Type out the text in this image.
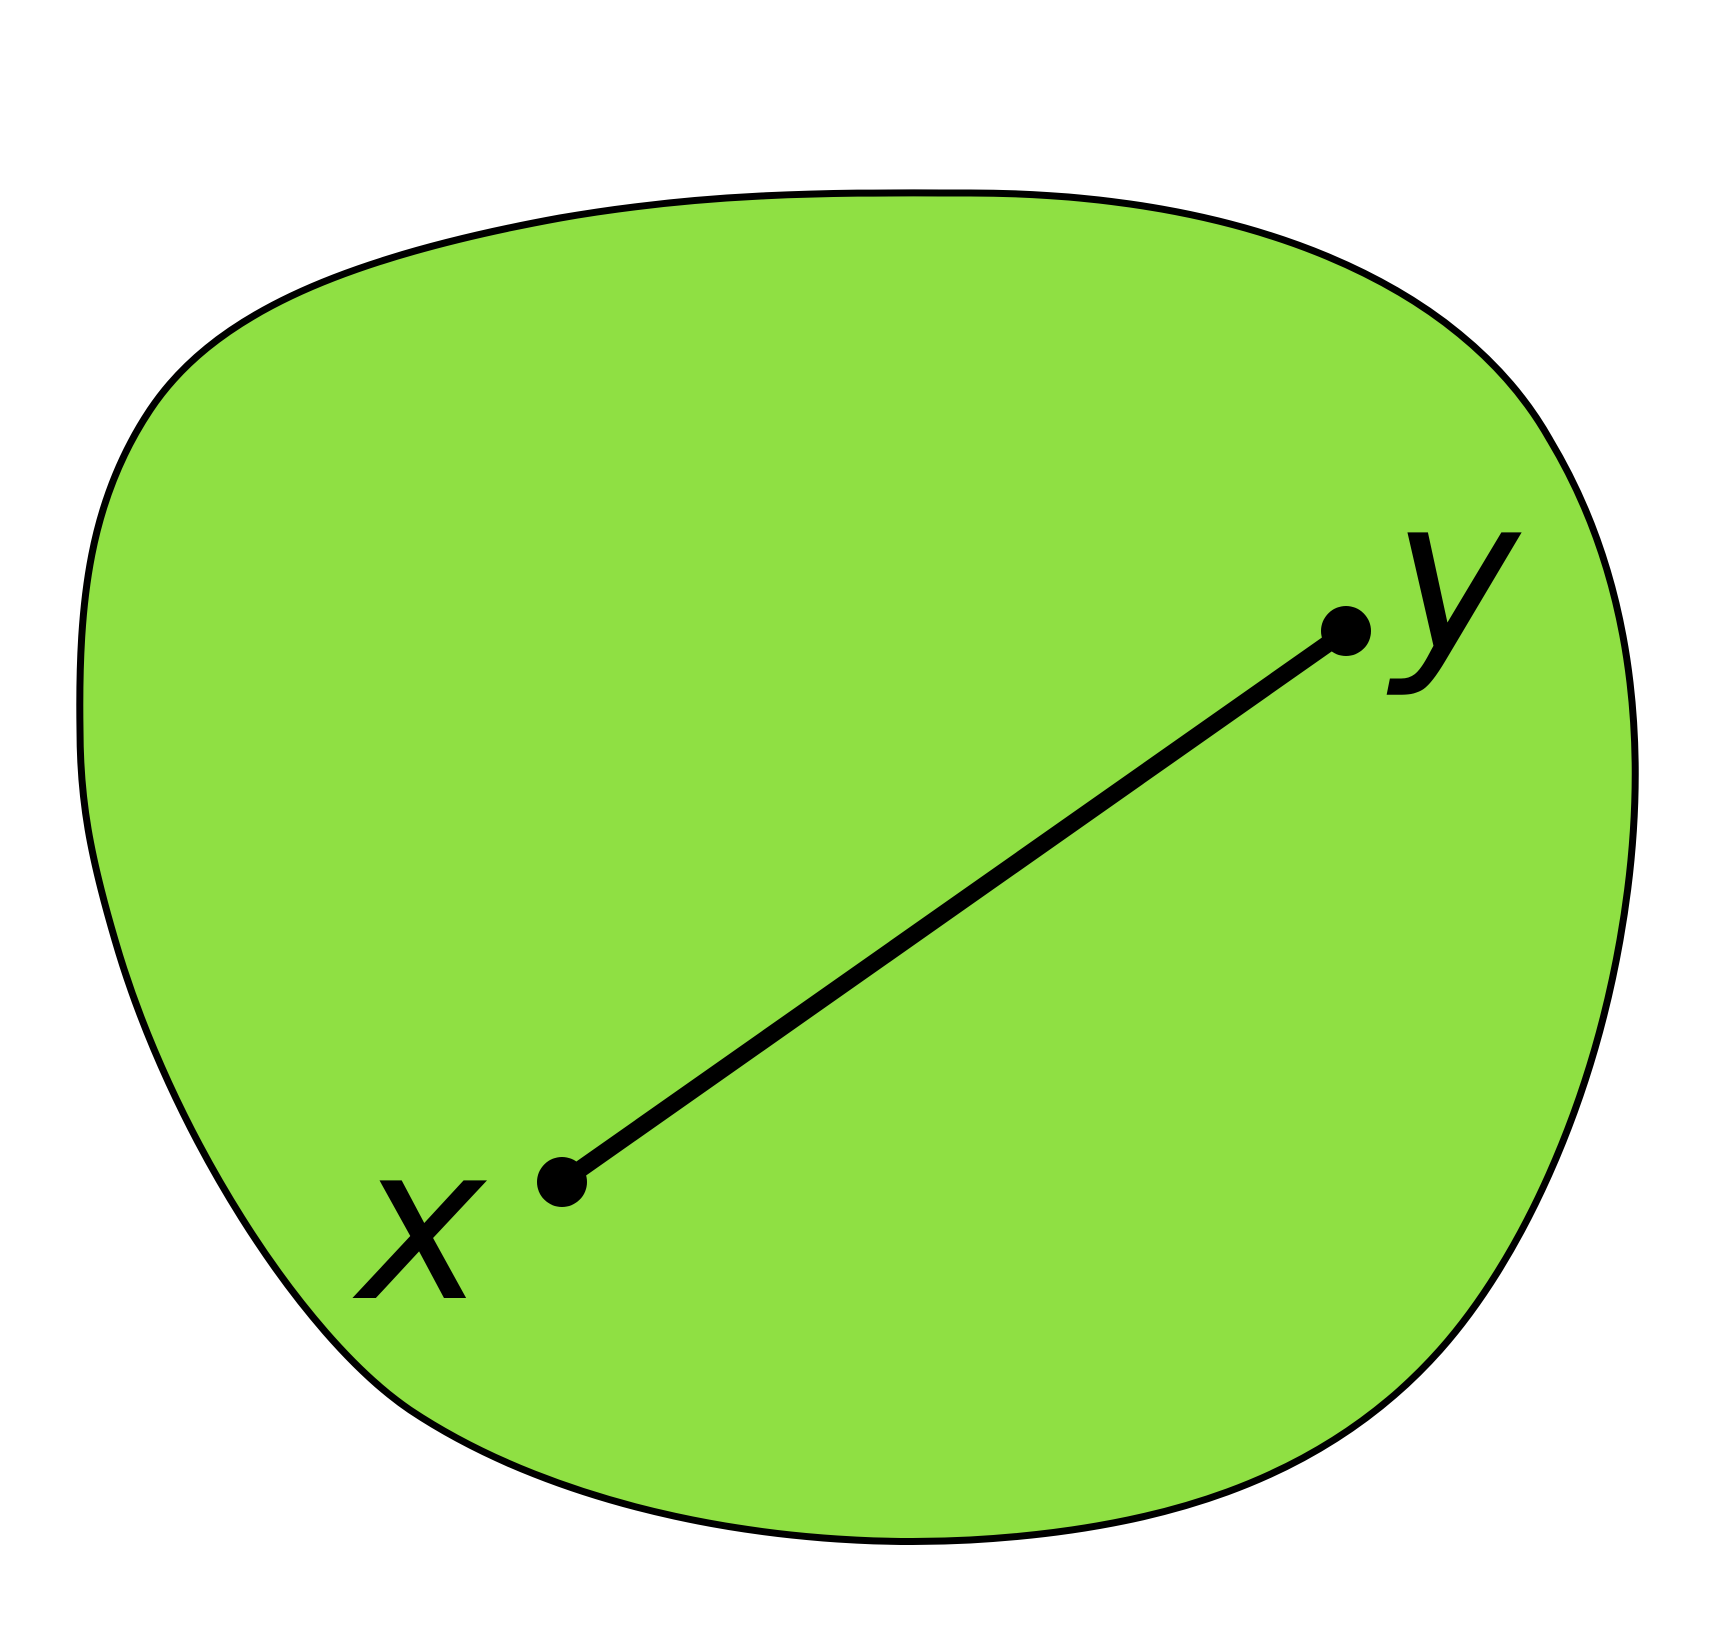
x
y
